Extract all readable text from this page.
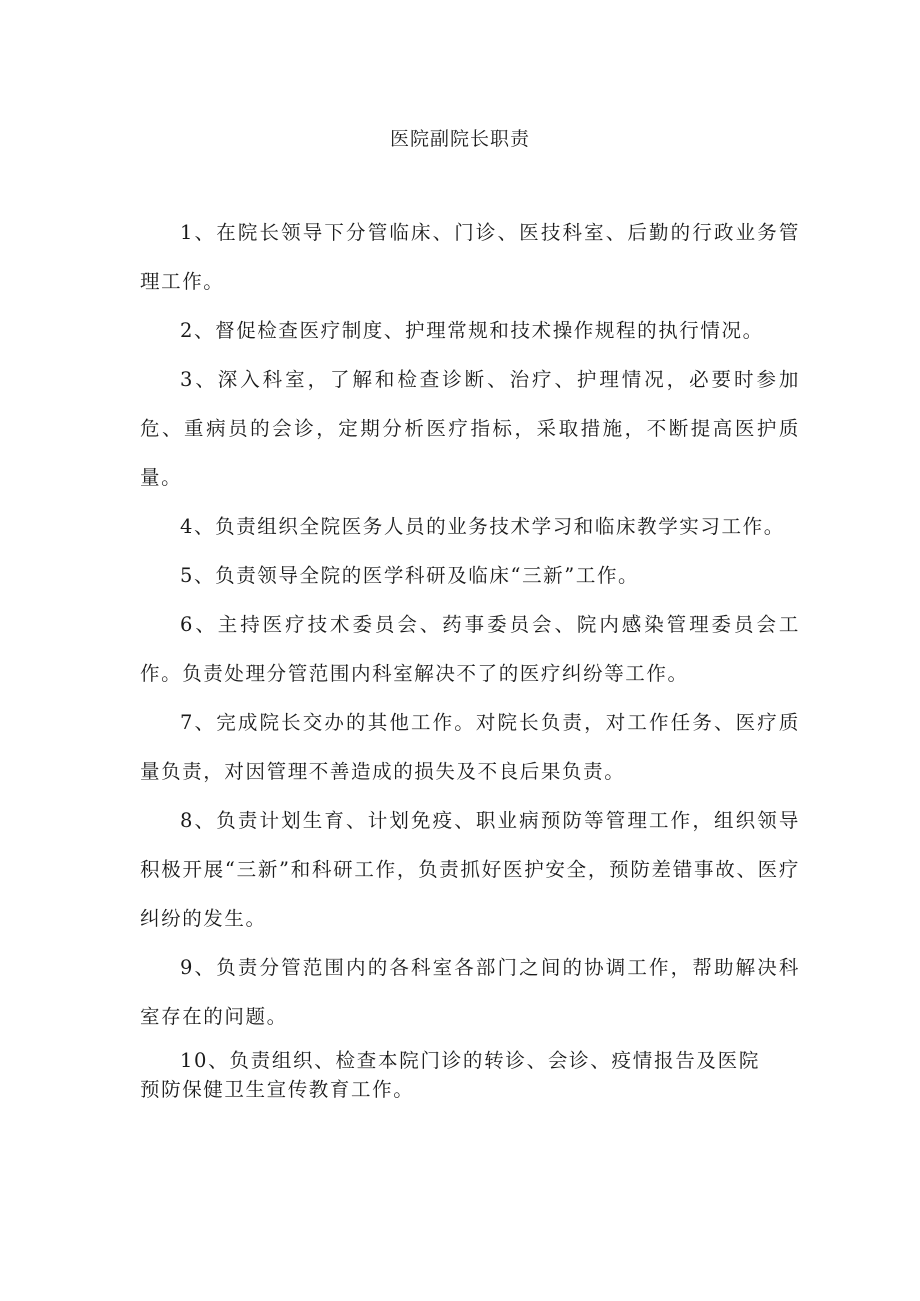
医院副院长职责

1、在院长领导下分管临床、门诊、医技科室、后勤的行政业务管理工作。

2、督促检查医疗制度、护理常规和技术操作规程的执行情况。

3、深入科室，了解和检查诊断、治疗、护理情况，必要时参加危、重病员的会诊，定期分析医疗指标，采取措施，不断提高医护质量。

4、负责组织全院医务人员的业务技术学习和临床教学实习工作。

5、负责领导全院的医学科研及临床“三新”工作。

6、主持医疗技术委员会、药事委员会、院内感染管理委员会工作。负责处理分管范围内科室解决不了的医疗纠纷等工作。

7、完成院长交办的其他工作。对院长负责，对工作任务、医疗质量负责，对因管理不善造成的损失及不良后果负责。

8、负责计划生育、计划免疫、职业病预防等管理工作，组织领导积极开展“三新”和科研工作，负责抓好医护安全，预防差错事故、医疗纠纷的发生。

9、负责分管范围内的各科室各部门之间的协调工作，帮助解决科室存在的问题。

10、负责组织、检查本院门诊的转诊、会诊、疫情报告及医院预防保健卫生宣传教育工作。
